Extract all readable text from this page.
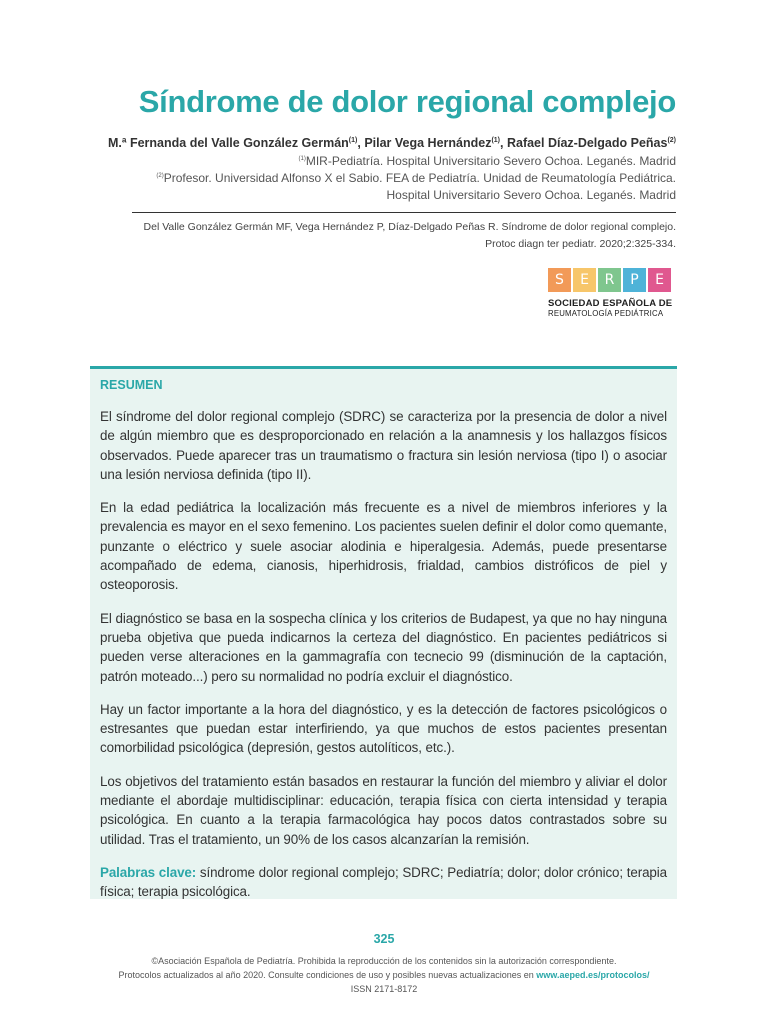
Síndrome de dolor regional complejo
M.ª Fernanda del Valle González Germán$^{(1)}$, Pilar Vega Hernández$^{(1)}$, Rafael Díaz-Delgado Peñas$^{(2)}$
$^{(1)}$MIR-Pediatría. Hospital Universitario Severo Ochoa. Leganés. Madrid
$^{(2)}$Profesor. Universidad Alfonso X el Sabio. FEA de Pediatría. Unidad de Reumatología Pediátrica.
Hospital Universitario Severo Ochoa. Leganés. Madrid
Del Valle González Germán MF, Vega Hernández P, Díaz-Delgado Peñas R. Síndrome de dolor regional complejo.
Protoc diagn ter pediatr. 2020;2:325-334.
S	E	R	P	E
SOCIEDAD ESPAÑOLA DE
REUMATOLOGÍA PEDIÁTRICA
RESUMEN

El síndrome del dolor regional complejo (SDRC) se caracteriza por la presencia de dolor a nivel de algún miembro que es desproporcionado en relación a la anamnesis y los hallazgos físicos observados. Puede aparecer tras un traumatismo o fractura sin lesión nerviosa (tipo I) o asociar una lesión nerviosa definida (tipo II).

En la edad pediátrica la localización más frecuente es a nivel de miembros inferiores y la prevalencia es mayor en el sexo femenino. Los pacientes suelen definir el dolor como quemante, punzante o eléctrico y suele asociar alodinia e hiperalgesia. Además, puede presentarse acompañado de edema, cianosis, hiperhidrosis, frialdad, cambios distróficos de piel y osteoporosis.

El diagnóstico se basa en la sospecha clínica y los criterios de Budapest, ya que no hay ninguna prueba objetiva que pueda indicarnos la certeza del diagnóstico. En pacientes pediátricos si pueden verse alteraciones en la gammagrafía con tecnecio 99 (disminución de la captación, patrón moteado...) pero su normalidad no podría excluir el diagnóstico.

Hay un factor importante a la hora del diagnóstico, y es la detección de factores psicológicos o estresantes que puedan estar interfiriendo, ya que muchos de estos pacientes presentan comorbilidad psicológica (depresión, gestos autolíticos, etc.).

Los objetivos del tratamiento están basados en restaurar la función del miembro y aliviar el dolor mediante el abordaje multidisciplinar: educación, terapia física con cierta intensidad y terapia psicológica. En cuanto a la terapia farmacológica hay pocos datos contrastados sobre su utilidad. Tras el tratamiento, un 90% de los casos alcanzarían la remisión.

Palabras clave: síndrome dolor regional complejo; SDRC; Pediatría; dolor; dolor crónico; terapia física; terapia psicológica.

325
©Asociación Española de Pediatría. Prohibida la reproducción de los contenidos sin la autorización correspondiente.
Protocolos actualizados al año 2020. Consulte condiciones de uso y posibles nuevas actualizaciones en www.aeped.es/protocolos/
ISSN 2171-8172
